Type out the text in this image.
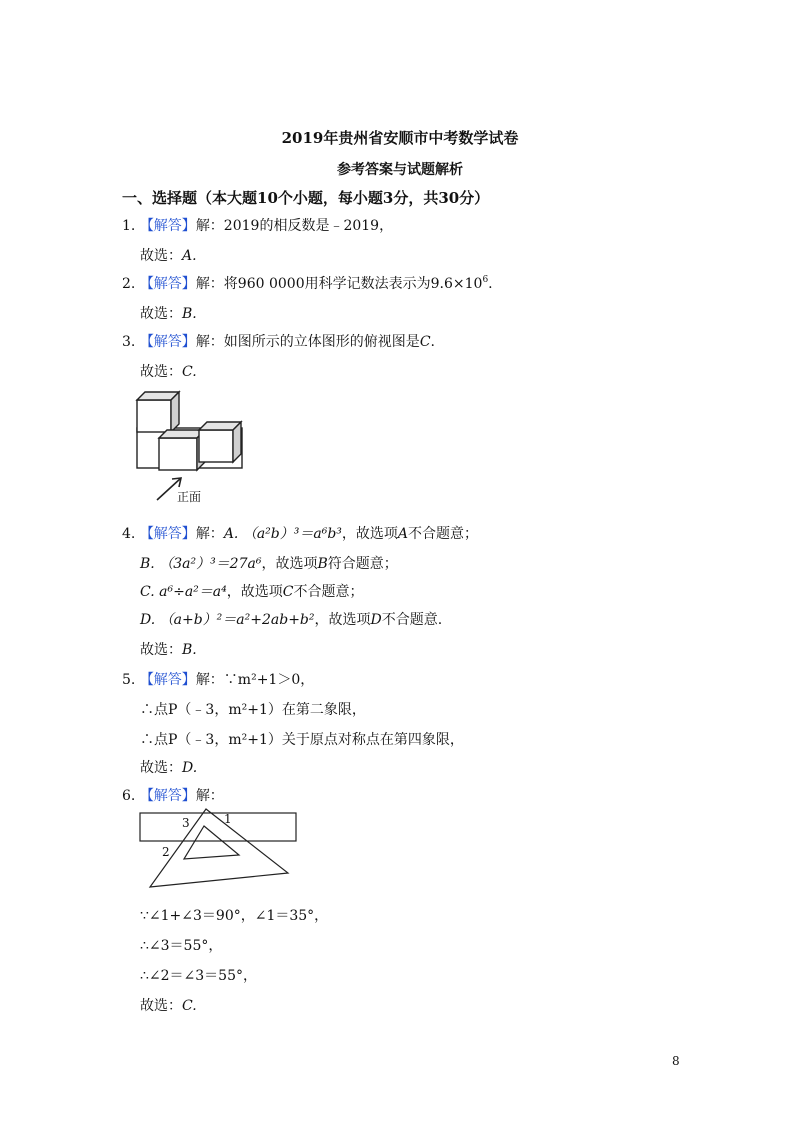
2019年贵州省安顺市中考数学试卷
参考答案与试题解析
一、选择题（本大题10个小题，每小题3分，共30分）
1. 【解答】解：2019的相反数是﹣2019，
故选：A.
2. 【解答】解：将960 0000用科学记数法表示为$9.6\times 10^6$.
故选：B.
3. 【解答】解：如图所示的立体图形的俯视图是C.
故选：C.
正面
4. 【解答】解：A. （a²b）³＝a⁶b³，故选项A不合题意；
B. （3a²）³＝27a⁶，故选项B符合题意；
C. a⁶÷a²＝a⁴，故选项C不合题意；
D. （a+b）²＝a²+2ab+b²，故选项D不合题意.
故选：B.
5. 【解答】解：∵m²+1＞0，
∴点P（﹣3，m²+1）在第二象限，
∴点P（﹣3，m²+1）关于原点对称点在第四象限，
故选：D.
6. 【解答】解：
3	1
2
∵∠1+∠3＝90°，∠1＝35°，
∴∠3＝55°，
∴∠2＝∠3＝55°，
故选：C.
8
